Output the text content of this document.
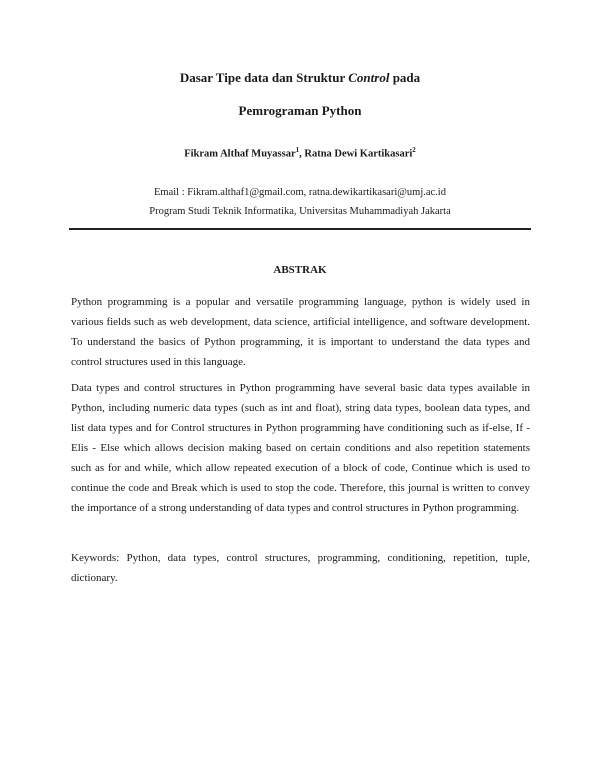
Dasar Tipe data dan Struktur Control pada
Pemrograman Python
Fikram Althaf Muyassar$^1$, Ratna Dewi Kartikasari$^2$
Email : Fikram.althaf1@gmail.com, ratna.dewikartikasari@umj.ac.id
Program Studi Teknik Informatika, Universitas Muhammadiyah Jakarta
ABSTRAK

Python programming is a popular and versatile programming language, python is widely used in various fields such as web development, data science, artificial intelligence, and software development. To understand the basics of Python programming, it is important to understand the data types and control structures used in this language.

Data types and control structures in Python programming have several basic data types available in Python, including numeric data types (such as int and float), string data types, boolean data types, and list data types and for Control structures in Python programming have conditioning such as if-else, If - Elis - Else which allows decision making based on certain conditions and also repetition statements such as for and while, which allow repeated execution of a block of code, Continue which is used to continue the code and Break which is used to stop the code. Therefore, this journal is written to convey the importance of a strong understanding of data types and control structures in Python programming.

Keywords: Python, data types, control structures, programming, conditioning, repetition, tuple, dictionary.
